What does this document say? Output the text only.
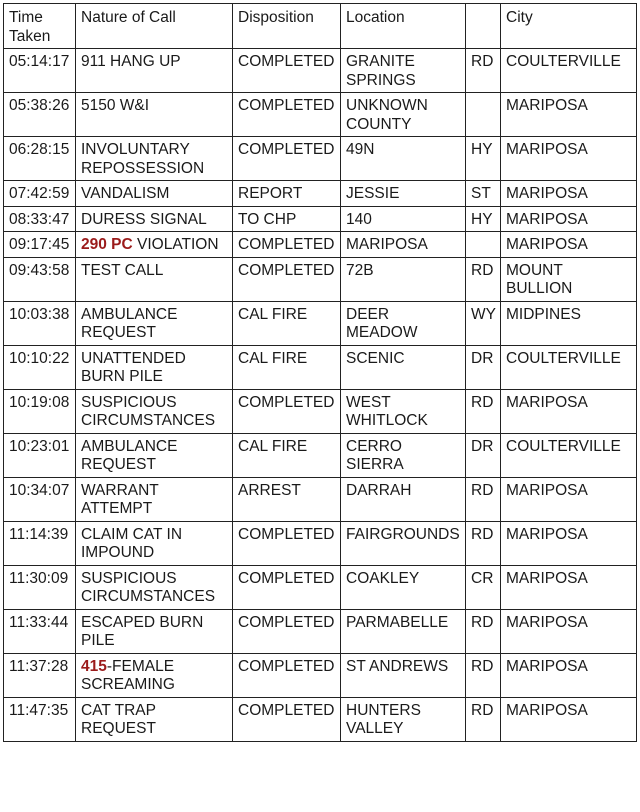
Time Taken	Nature of Call	Disposition	Location		City
05:14:17	911 HANG UP	COMPLETED	GRANITE SPRINGS	RD	COULTERVILLE
05:38:26	5150 W&I	COMPLETED	UNKNOWN COUNTY		MARIPOSA
06:28:15	INVOLUNTARY REPOSSESSION	COMPLETED	49N	HY	MARIPOSA
07:42:59	VANDALISM	REPORT	JESSIE	ST	MARIPOSA
08:33:47	DURESS SIGNAL	TO CHP	140	HY	MARIPOSA
09:17:45	290 PC VIOLATION	COMPLETED	MARIPOSA		MARIPOSA
09:43:58	TEST CALL	COMPLETED	72B	RD	MOUNT BULLION
10:03:38	AMBULANCE REQUEST	CAL FIRE	DEER MEADOW	WY	MIDPINES
10:10:22	UNATTENDED BURN PILE	CAL FIRE	SCENIC	DR	COULTERVILLE
10:19:08	SUSPICIOUS CIRCUMSTANCES	COMPLETED	WEST WHITLOCK	RD	MARIPOSA
10:23:01	AMBULANCE REQUEST	CAL FIRE	CERRO SIERRA	DR	COULTERVILLE
10:34:07	WARRANT ATTEMPT	ARREST	DARRAH	RD	MARIPOSA
11:14:39	CLAIM CAT IN IMPOUND	COMPLETED	FAIRGROUNDS	RD	MARIPOSA
11:30:09	SUSPICIOUS CIRCUMSTANCES	COMPLETED	COAKLEY	CR	MARIPOSA
11:33:44	ESCAPED BURN PILE	COMPLETED	PARMABELLE	RD	MARIPOSA
11:37:28	415-FEMALE SCREAMING	COMPLETED	ST ANDREWS	RD	MARIPOSA
11:47:35	CAT TRAP REQUEST	COMPLETED	HUNTERS VALLEY	RD	MARIPOSA
